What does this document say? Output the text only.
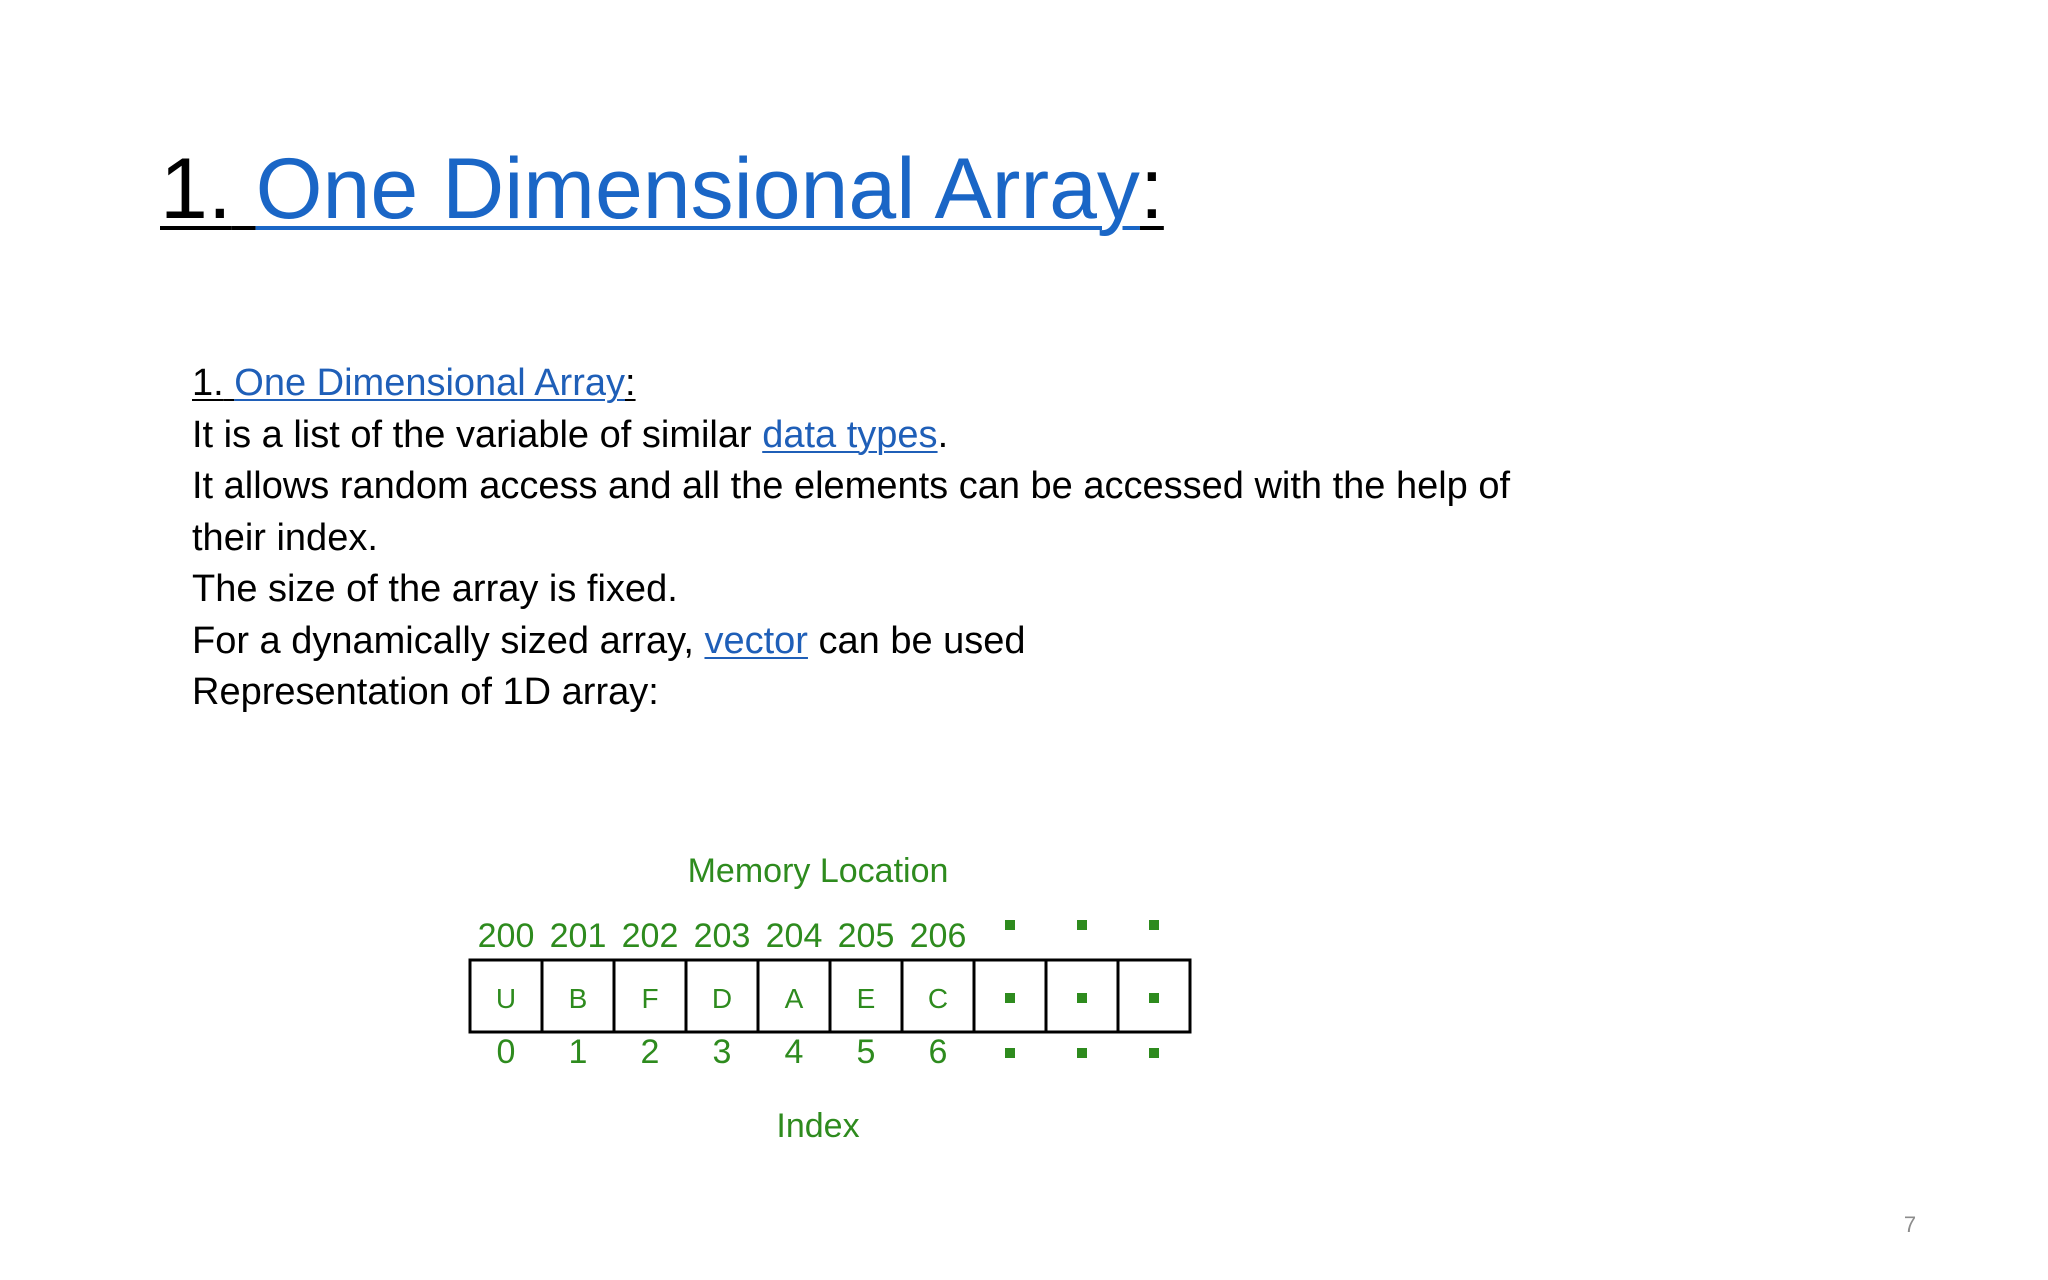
1. One Dimensional Array:

1. One Dimensional Array:

It is a list of the variable of similar data types.

It allows random access and all the elements can be accessed with the help of their index.

The size of the array is fixed.

For a dynamically sized array, vector can be used

Representation of 1D array:

Memory Location
200
U
0
201
B
1
202
F
2
203
D
3
204
A
4
205
E
5
206
C
6
Index
7
